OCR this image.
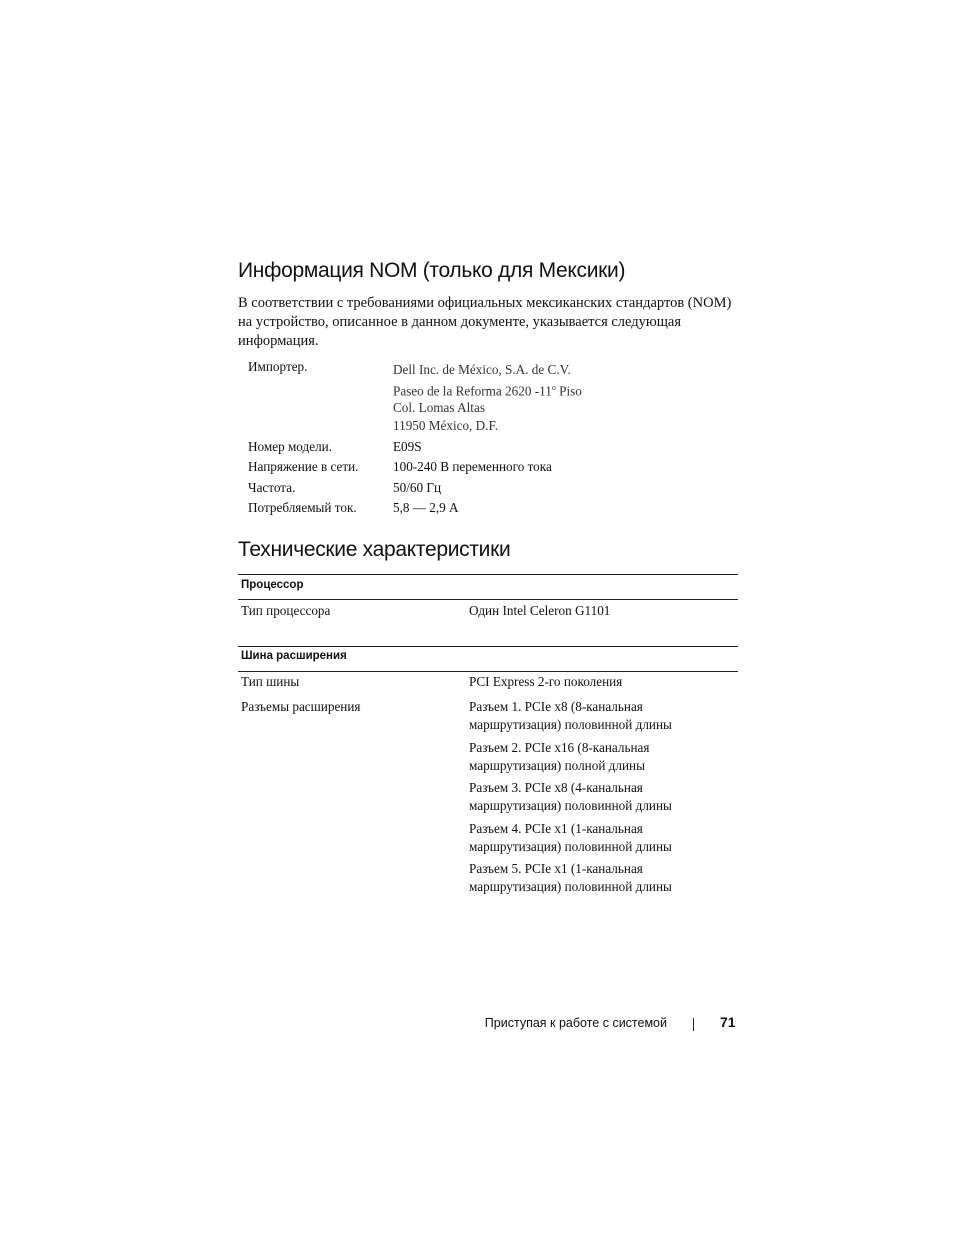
Информация NOM (только для Мексики)

В соответствии с требованиями официальных мексиканских стандартов (NOM) на устройство, описанное в данном документе, указывается следующая информация.

Импортер.	Dell Inc. de México, S.A. de C.V.
Paseo de la Reforma 2620 -11$^o$ Piso
Col. Lomas Altas
11950 México, D.F.
Номер модели.	E09S
Напряжение в сети.	100-240 В переменного тока
Частота.	50/60 Гц
Потребляемый ток.	5,8 — 2,9 А
Технические характеристики
Процессор
Тип процессора	Один Intel Celeron G1101
Шина расширения
Тип шины	PCI Express 2-го поколения
Разъемы расширения	Разъем 1. PCIe x8 (8-канальная
маршрутизация) половинной длины
Разъем 2. PCIe x16 (8-канальная
маршрутизация) полной длины
Разъем 3. PCIe x8 (4-канальная
маршрутизация) половинной длины
Разъем 4. PCIe x1 (1-канальная
маршрутизация) половинной длины
Разъем 5. PCIe x1 (1-канальная
маршрутизация) половинной длины
Приступая к работе с системой	71
